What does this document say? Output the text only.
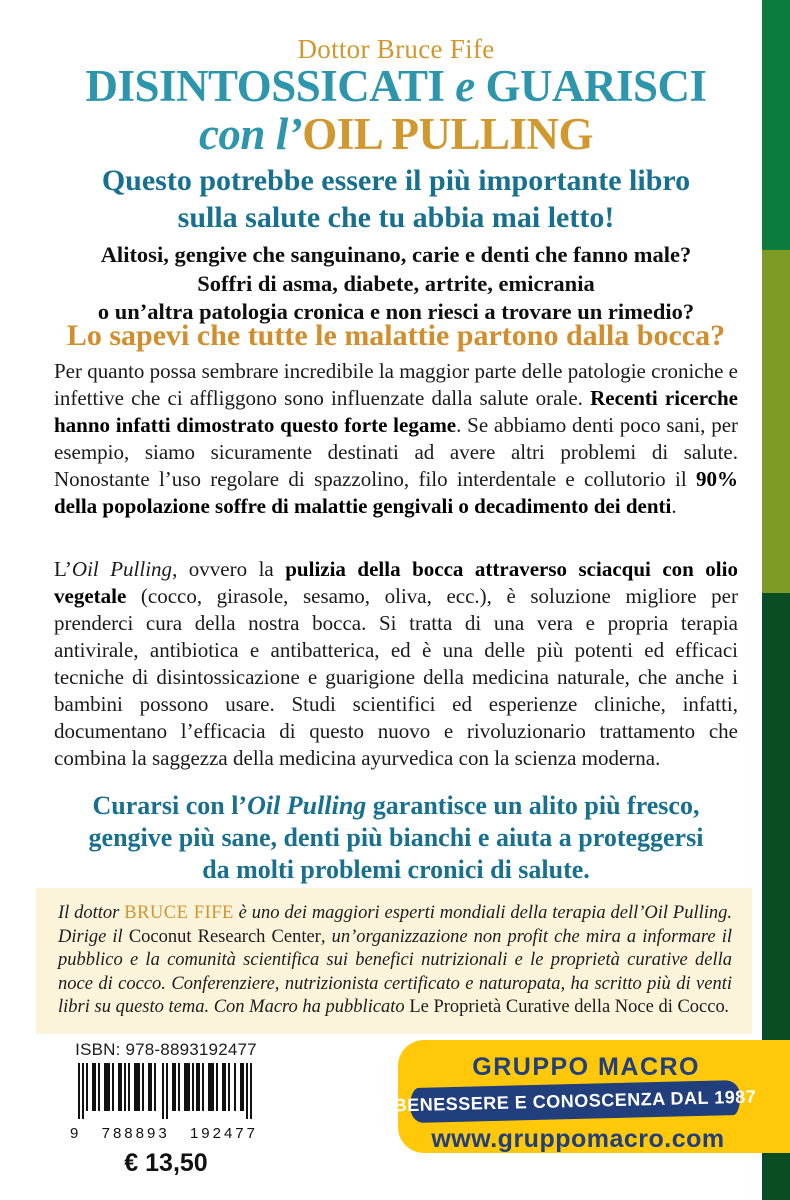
Dottor Bruce Fife
DISINTOSSICATI e GUARISCI
con l’OIL PULLING
Questo potrebbe essere il più importante libro
sulla salute che tu abbia mai letto!
Alitosi, gengive che sanguinano, carie e denti che fanno male?
Soffri di asma, diabete, artrite, emicrania
o un’altra patologia cronica e non riesci a trovare un rimedio?
Lo sapevi che tutte le malattie partono dalla bocca?

Per quanto possa sembrare incredibile la maggior parte delle patologie croniche e infettive che ci affliggono sono influenzate dalla salute orale. Recenti ricerche hanno infatti dimostrato questo forte legame. Se abbiamo denti poco sani, per esempio, siamo sicuramente destinati ad avere altri problemi di salute. Nonostante l’uso regolare di spazzolino, filo interdentale e collutorio il 90% della popolazione soffre di malattie gengivali o decadimento dei denti.

L’Oil Pulling, ovvero la pulizia della bocca attraverso sciacqui con olio vegetale (cocco, girasole, sesamo, oliva, ecc.), è soluzione migliore per prenderci cura della nostra bocca. Si tratta di una vera e propria terapia antivirale, antibiotica e antibatterica, ed è una delle più potenti ed efficaci tecniche di disintossicazione e guarigione della medicina naturale, che anche i bambini possono usare. Studi scientifici ed esperienze cliniche, infatti, documentano l’efficacia di questo nuovo e rivoluzionario trattamento che combina la saggezza della medicina ayurvedica con la scienza moderna.

Curarsi con l’Oil Pulling garantisce un alito più fresco,
gengive più sane, denti più bianchi e aiuta a proteggersi
da molti problemi cronici di salute.
Il dottor BRUCE FIFE è uno dei maggiori esperti mondiali della terapia dell’Oil Pulling. Dirige il Coconut Research Center, un’organizzazione non profit che mira a informare il pubblico e la comunità scientifica sui benefici nutrizionali e le proprietà curative della noce di cocco. Conferenziere, nutrizionista certificato e naturopata, ha scritto più di venti libri su questo tema. Con Macro ha pubblicato Le Proprietà Curative della Noce di Cocco.
ISBN: 978-8893192477
9 788893 192477
€ 13,50
GRUPPO MACRO
BENESSERE E CONOSCENZA DAL 1987
www.gruppomacro.com
